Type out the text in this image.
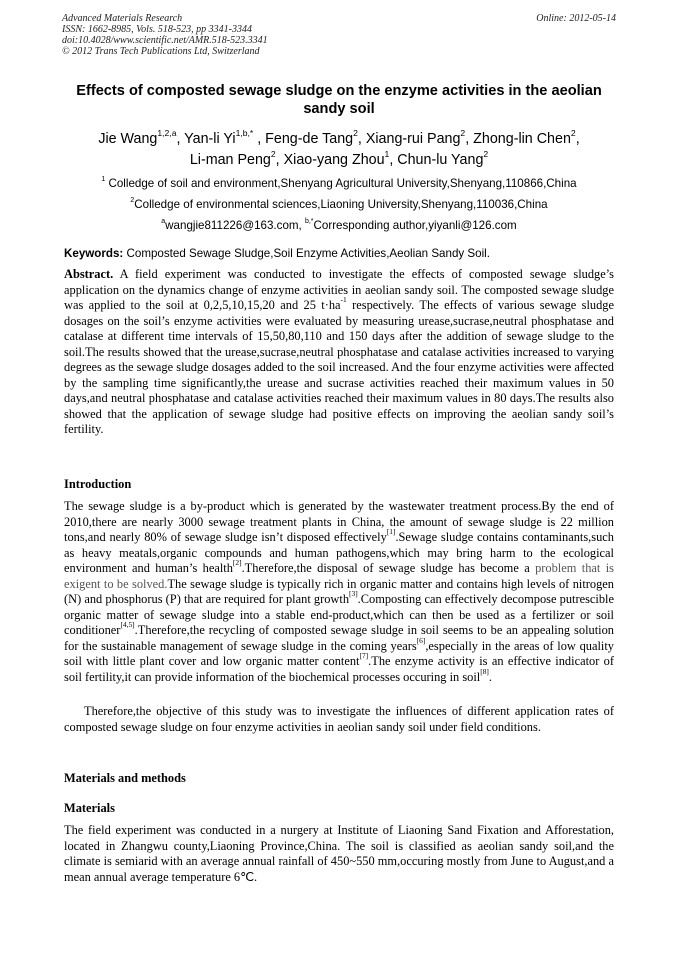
Advanced Materials Research
ISSN: 1662-8985, Vols. 518-523, pp 3341-3344
doi:10.4028/www.scientific.net/AMR.518-523.3341
© 2012 Trans Tech Publications Ltd, Switzerland
Online: 2012-05-14
Effects of composted sewage sludge on the enzyme activities in the aeolian sandy soil
Jie Wang$^{1,2,a}$, Yan-li $Yi^{1,b,*}$ , Feng-de Tang$^2$, Xiang-rui Pang$^2$, Zhong-lin Chen$^2$,
Li-man Peng$^2$, Xiao-yang Zhou$^1$, Chun-lu Yang$^2$
$^1$ Colledge of soil and environment,Shenyang Agricultural University,Shenyang,110866,China
$^2$Colledge of environmental sciences,Liaoning University,Shenyang,110036,China
$^a$wangjie811226@163.com, $^{b,*}$Corresponding author,yiyanli@126.com
Keywords: Composted Sewage Sludge,Soil Enzyme Activities,Aeolian Sandy Soil.
Abstract. A field experiment was conducted to investigate the effects of composted sewage sludge’s application on the dynamics change of enzyme activities in aeolian sandy soil. The composted sewage sludge was applied to the soil at 0,2,5,10,15,20 and 25 $t\cdot ha^{-1}$ respectively. The effects of various sewage sludge dosages on the soil’s enzyme activities were evaluated by measuring urease,sucrase,neutral phosphatase and catalase at different time intervals of 15,50,80,110 and 150 days after the addition of sewage sludge to the soil.The results showed that the urease,sucrase,neutral phosphatase and catalase activities increased to varying degrees as the sewage sludge dosages added to the soil increased. And the four enzyme activities were affected by the sampling time significantly,the urease and sucrase activities reached their maximum values in 50 days,and neutral phosphatase and catalase activities reached their maximum values in 80 days.The results also showed that the application of sewage sludge had positive effects on improving the aeolian sandy soil’s fertility.
Introduction
The sewage sludge is a by-product which is generated by the wastewater treatment process.By the end of 2010,there are nearly 3000 sewage treatment plants in China, the amount of sewage sludge is 22 million tons,and nearly 80% of sewage sludge isn’t disposed effectively[1].Sewage sludge contains contaminants,such as heavy meatals,organic compounds and human pathogens,which may bring harm to the ecological environment and human’s health[2].Therefore,the disposal of sewage sludge has become a problem that is exigent to be solved.The sewage sludge is typically rich in organic matter and contains high levels of nitrogen (N) and phosphorus (P) that are required for plant growth[3].Composting can effectively decompose putrescible organic matter of sewage sludge into a stable end-product,which can then be used as a fertilizer or soil conditioner[4,5].Therefore,the recycling of composted sewage sludge in soil seems to be an appealing solution for the sustainable management of sewage sludge in the coming years[6],especially in the areas of low quality soil with little plant cover and low organic matter content[7].The enzyme activity is an effective indicator of soil fertility,it can provide information of the biochemical processes occuring in soil[8].
Therefore,the objective of this study was to investigate the influences of different application rates of composted sewage sludge on four enzyme activities in aeolian sandy soil under field conditions.
Materials and methods
Materials
The field experiment was conducted in a nurgery at Institute of Liaoning Sand Fixation and Afforestation, located in Zhangwu county,Liaoning Province,China. The soil is classified as aeolian sandy soil,and the climate is semiarid with an average annual rainfall of 450~550 mm,occuring mostly from June to August,and a mean annual average temperature 6℃.
